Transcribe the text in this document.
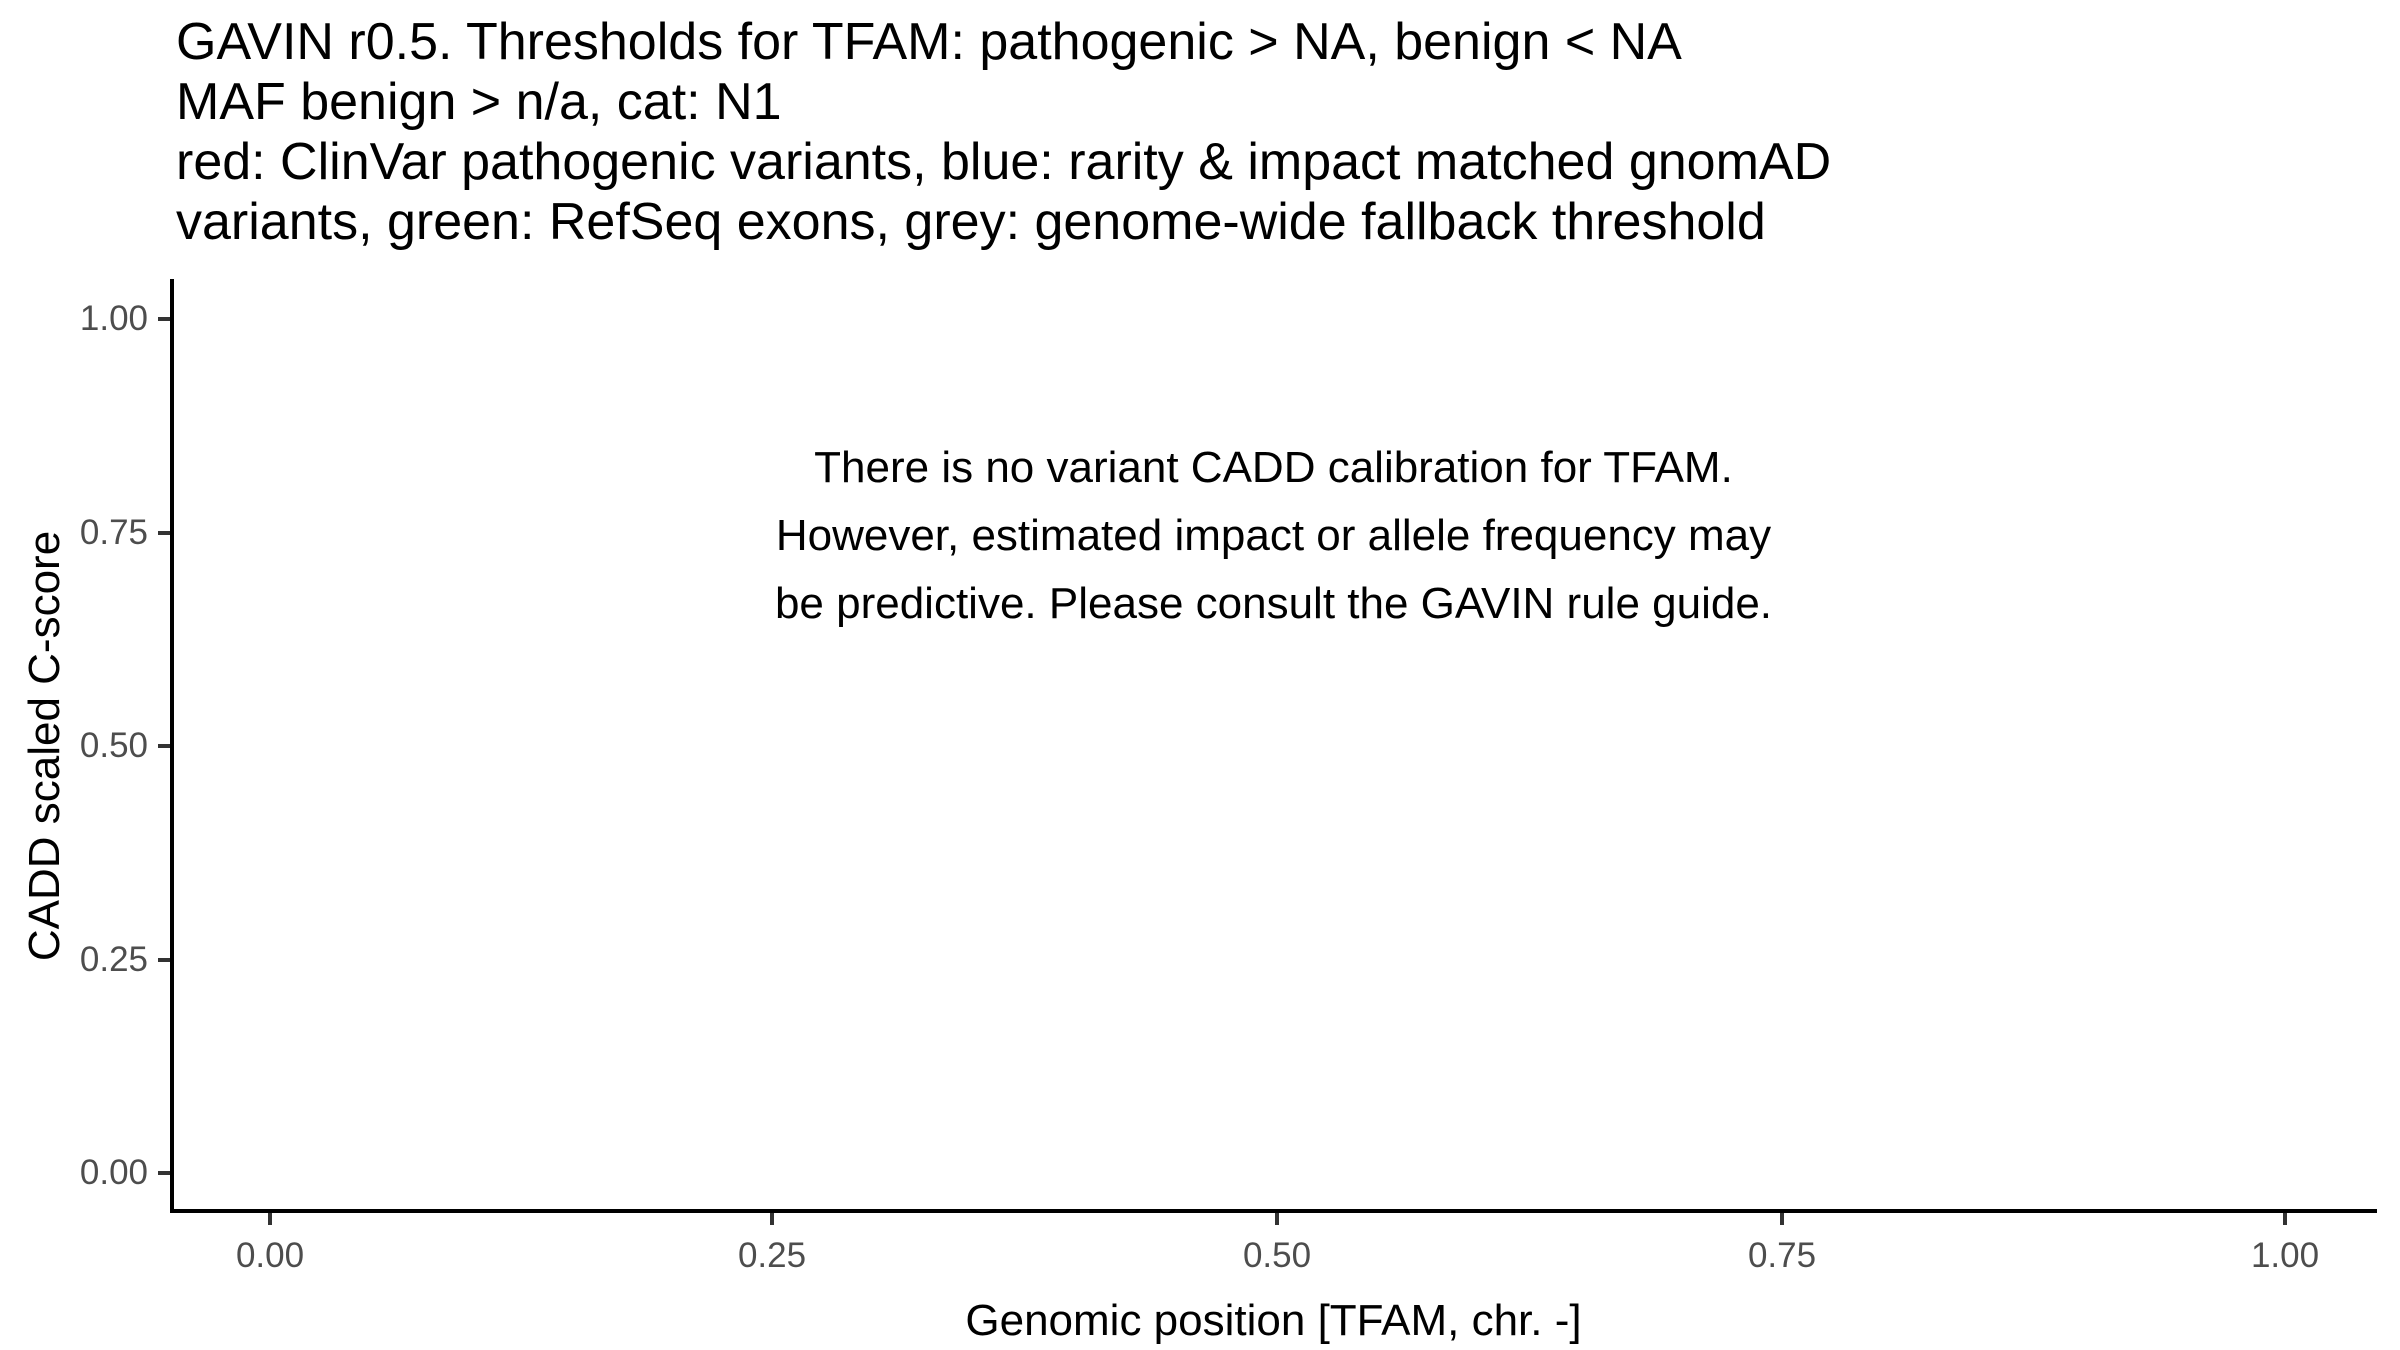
GAVIN r0.5. Thresholds for TFAM: pathogenic > NA, benign < NA
MAF benign > n/a, cat: N1
red: ClinVar pathogenic variants, blue: rarity & impact matched gnomAD
variants, green: RefSeq exons, grey: genome-wide fallback threshold
There is no variant CADD calibration for TFAM.
However, estimated impact or allele frequency may
be predictive. Please consult the GAVIN rule guide.
1.00
0.75
0.50
0.25
0.00
0.00	0.25	0.50	0.75	1.00
Genomic position [TFAM, chr. -]
CADD scaled C-score
